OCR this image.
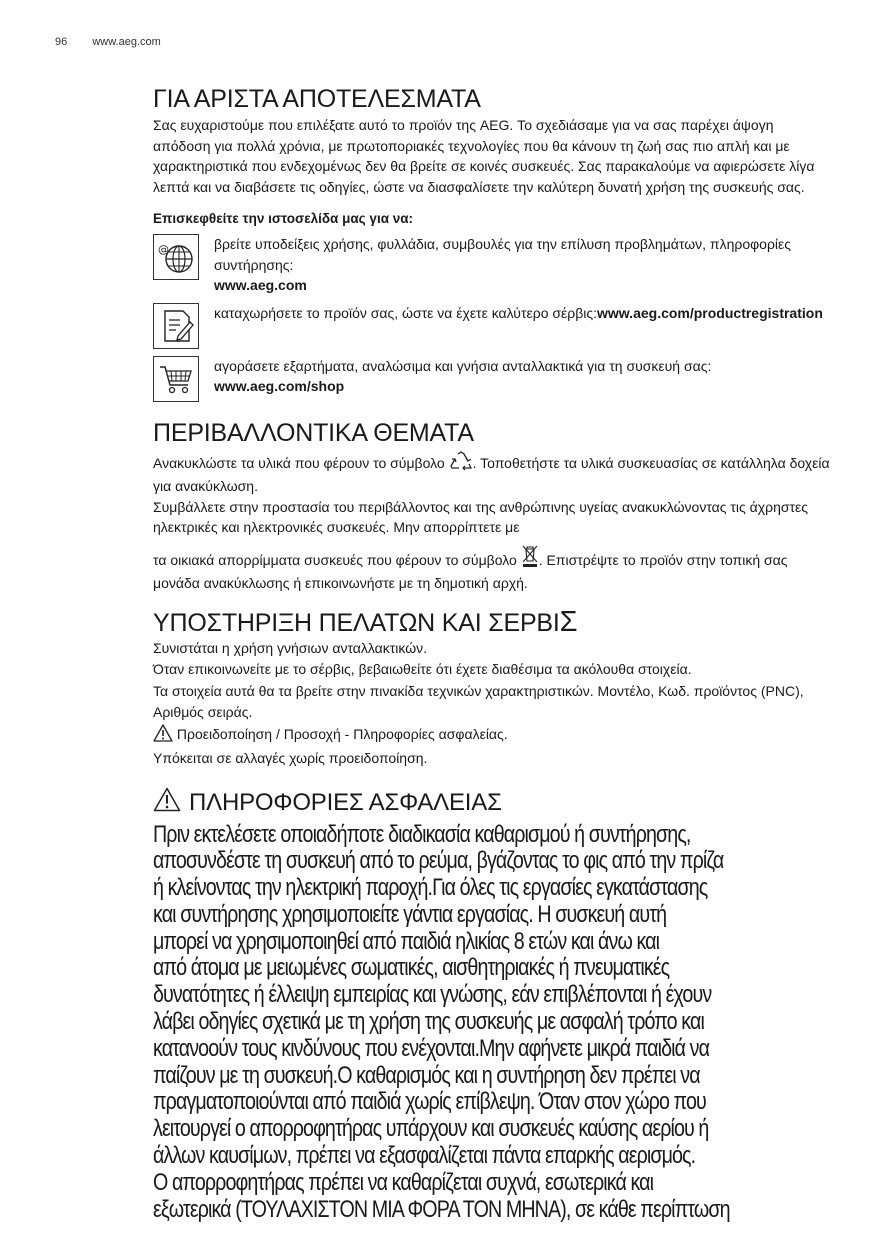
96 www.aeg.com
ΓΙΑ ΑΡΙΣΤΑ ΑΠΟΤΕΛΕΣΜΑΤΑ

Σας ευχαριστούμε που επιλέξατε αυτό το προϊόν της AEG. Το σχεδιάσαμε για να σας παρέχει άψογη απόδοση για πολλά χρόνια, με πρωτοποριακές τεχνολογίες που θα κάνουν τη ζωή σας πιο απλή και με χαρακτηριστικά που ενδεχομένως δεν θα βρείτε σε κοινές συσκευές. Σας παρακαλούμε να αφιερώσετε λίγα λεπτά και να διαβάσετε τις οδηγίες, ώστε να διασφαλίσετε την καλύτερη δυνατή χρήση της συσκευής σας.

Επισκεφθείτε την ιστοσελίδα μας για να:
@	βρείτε υποδείξεις χρήσης, φυλλάδια, συμβουλές για την επίλυση προβλημάτων, πληροφορίες συντήρησης:
www.aeg.com
καταχωρήσετε το προϊόν σας, ώστε να έχετε καλύτερο σέρβις:www.aeg.com/productregistration
αγοράσετε εξαρτήματα, αναλώσιμα και γνήσια ανταλλακτικά για τη συσκευή σας:
www.aeg.com/shop
ΠΕΡΙΒΑΛΛΟΝΤΙΚΑ ΘΕΜΑΤΑ

Ανακυκλώστε τα υλικά που φέρουν το σύμβολο . Τοποθετήστε τα υλικά συσκευασίας σε κατάλληλα δοχεία για ανακύκλωση.

Συμβάλλετε στην προστασία του περιβάλλοντος και της ανθρώπινης υγείας ανακυκλώνοντας τις άχρηστες ηλεκτρικές και ηλεκτρονικές συσκευές. Μην απορρίπτετε με

τα οικιακά απορρίμματα συσκευές που φέρουν το σύμβολο . Επιστρέψτε το προϊόν στην τοπική σας μονάδα ανακύκλωσης ή επικοινωνήστε με τη δημοτική αρχή.

ΥΠΟΣΤΗΡΙΞΗ ΠΕΛΑΤΩΝ ΚΑΙ ΣΕΡΒΙΣ

Συνιστάται η χρήση γνήσιων ανταλλακτικών.

Όταν επικοινωνείτε με το σέρβις, βεβαιωθείτε ότι έχετε διαθέσιμα τα ακόλουθα στοιχεία.

Τα στοιχεία αυτά θα τα βρείτε στην πινακίδα τεχνικών χαρακτηριστικών. Μοντέλο, Κωδ. προϊόντος (PNC), Αριθμός σειράς.

Προειδοποίηση / Προσοχή - Πληροφορίες ασφαλείας.

Υπόκειται σε αλλαγές χωρίς προειδοποίηση.

ΠΛΗΡΟΦΟΡΙΕΣ ΑΣΦΑΛΕΙΑΣ
Πριν εκτελέσετε οποιαδήποτε διαδικασία καθαρισμού ή συντήρησης,
αποσυνδέστε τη συσκευή από το ρεύμα, βγάζοντας το φις από την πρίζα
ή κλείνοντας την ηλεκτρική παροχή.Για όλες τις εργασίες εγκατάστασης
και συντήρησης χρησιμοποιείτε γάντια εργασίας. Η συσκευή αυτή
μπορεί να χρησιμοποιηθεί από παιδιά ηλικίας 8 ετών και άνω και
από άτομα με μειωμένες σωματικές, αισθητηριακές ή πνευματικές
δυνατότητες ή έλλειψη εμπειρίας και γνώσης, εάν επιβλέπονται ή έχουν
λάβει οδηγίες σχετικά με τη χρήση της συσκευής με ασφαλή τρόπο και
κατανοούν τους κινδύνους που ενέχονται.Μην αφήνετε μικρά παιδιά να
παίζουν με τη συσκευή.Ο καθαρισμός και η συντήρηση δεν πρέπει να
πραγματοποιούνται από παιδιά χωρίς επίβλεψη. Όταν στον χώρο που
λειτουργεί ο απορροφητήρας υπάρχουν και συσκευές καύσης αερίου ή
άλλων καυσίμων, πρέπει να εξασφαλίζεται πάντα επαρκής αερισμός.
Ο απορροφητήρας πρέπει να καθαρίζεται συχνά, εσωτερικά και
εξωτερικά (ΤΟΥΛΑΧΙΣΤΟΝ ΜΙΑ ΦΟΡΑ ΤΟΝ ΜΗΝΑ), σε κάθε περίπτωση
